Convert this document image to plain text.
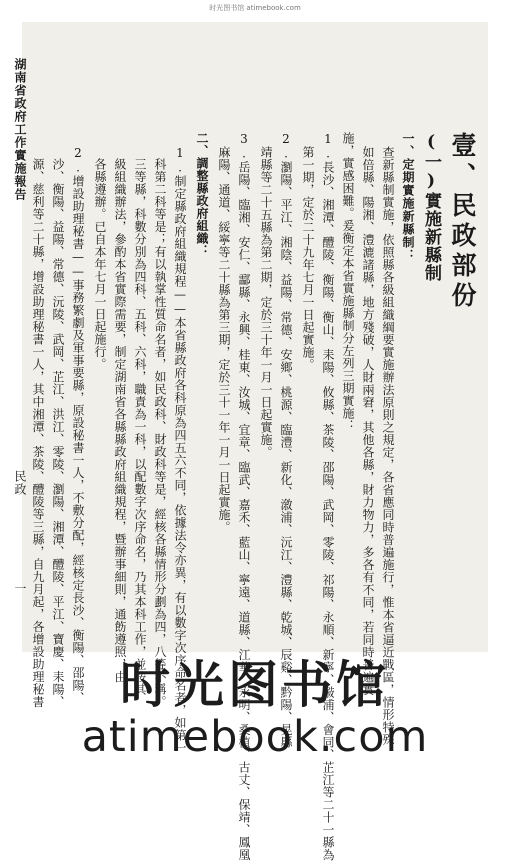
时光图书馆 atimebook.com
壹、民政部份
(一)實施新縣制
一、定期實施新縣制：
查新縣制實施，依照縣各級組織綱要實施辦法原則之規定，各省應同時普遍施行，惟本省逼近戰區，情形特殊
如倍縣、陽湘、澧漉諸縣，地方殘破，人財兩窘，其他各縣，財力物力，多各有不同，若同時普遍實
施，實感困難。爰衡定本省實施縣制分左列三期實施：
1.長沙、湘潭、醴陵、衡陽、衡山、耒陽、攸縣、茶陵、邵陽、武岡、零陵、祁陽、永順、新寧、潊浦、會同、芷江等二十一縣為
第一期，定於二十九年七月一日起實施。
2.瀏陽、平江、湘陰、益陽、常德、安鄉、桃源、臨澧、新化、漵浦、沅江、澧縣、乾城、辰谿、黔陽、晃縣
靖縣等二十五縣為第二期，定於三十年一月一日起實施。
3.岳陽、臨湘、安仁、酃縣、永興、桂東、汝城、宜章、臨武、嘉禾、藍山、寧遠、道縣、江華、永明、桑植、古丈、保靖、鳳凰
麻陽、通道、綏寧等二十縣為第三期，定於三十一年一月一日起實施。
二、調整縣政府組織：
1.制定縣政府組織規程——本省縣政府各科原為四五六不同，依據法令亦異，有以數字次序命名者，如第一
科第二科等是；有以執掌性質命名者，如民政科、財政科等是，經核各縣情形分劃為四，八等不稱。
三等縣，科數分別為四科、五科、六科，職責為一科，以配數字次序命名，乃其本科工作，並按其
級組織辦法，參酌本省實際需要，制定湖南省各縣縣政府組織規程，暨辦事細則，通飭遵照，由
各縣遵辦。已自本年七月一日起施行。
2.增設助理秘書——事務繁劇及軍事要縣，原設秘書一人，不敷分配，經核定長沙、衡陽、邵陽、
沙、衡陽、益陽、常德、沅陵、武岡、芷江、洪江、零陵、瀏陽、湘潭、醴陵、平江、寶慶、耒陽、
源、慈利等二十縣，增設助理秘書一人，其中湘潭、茶陵、醴陵等三縣，自九月起，各增設助理秘書
湖南省政府工作實施報告
民政
一
时光图书馆
atimebook.com
